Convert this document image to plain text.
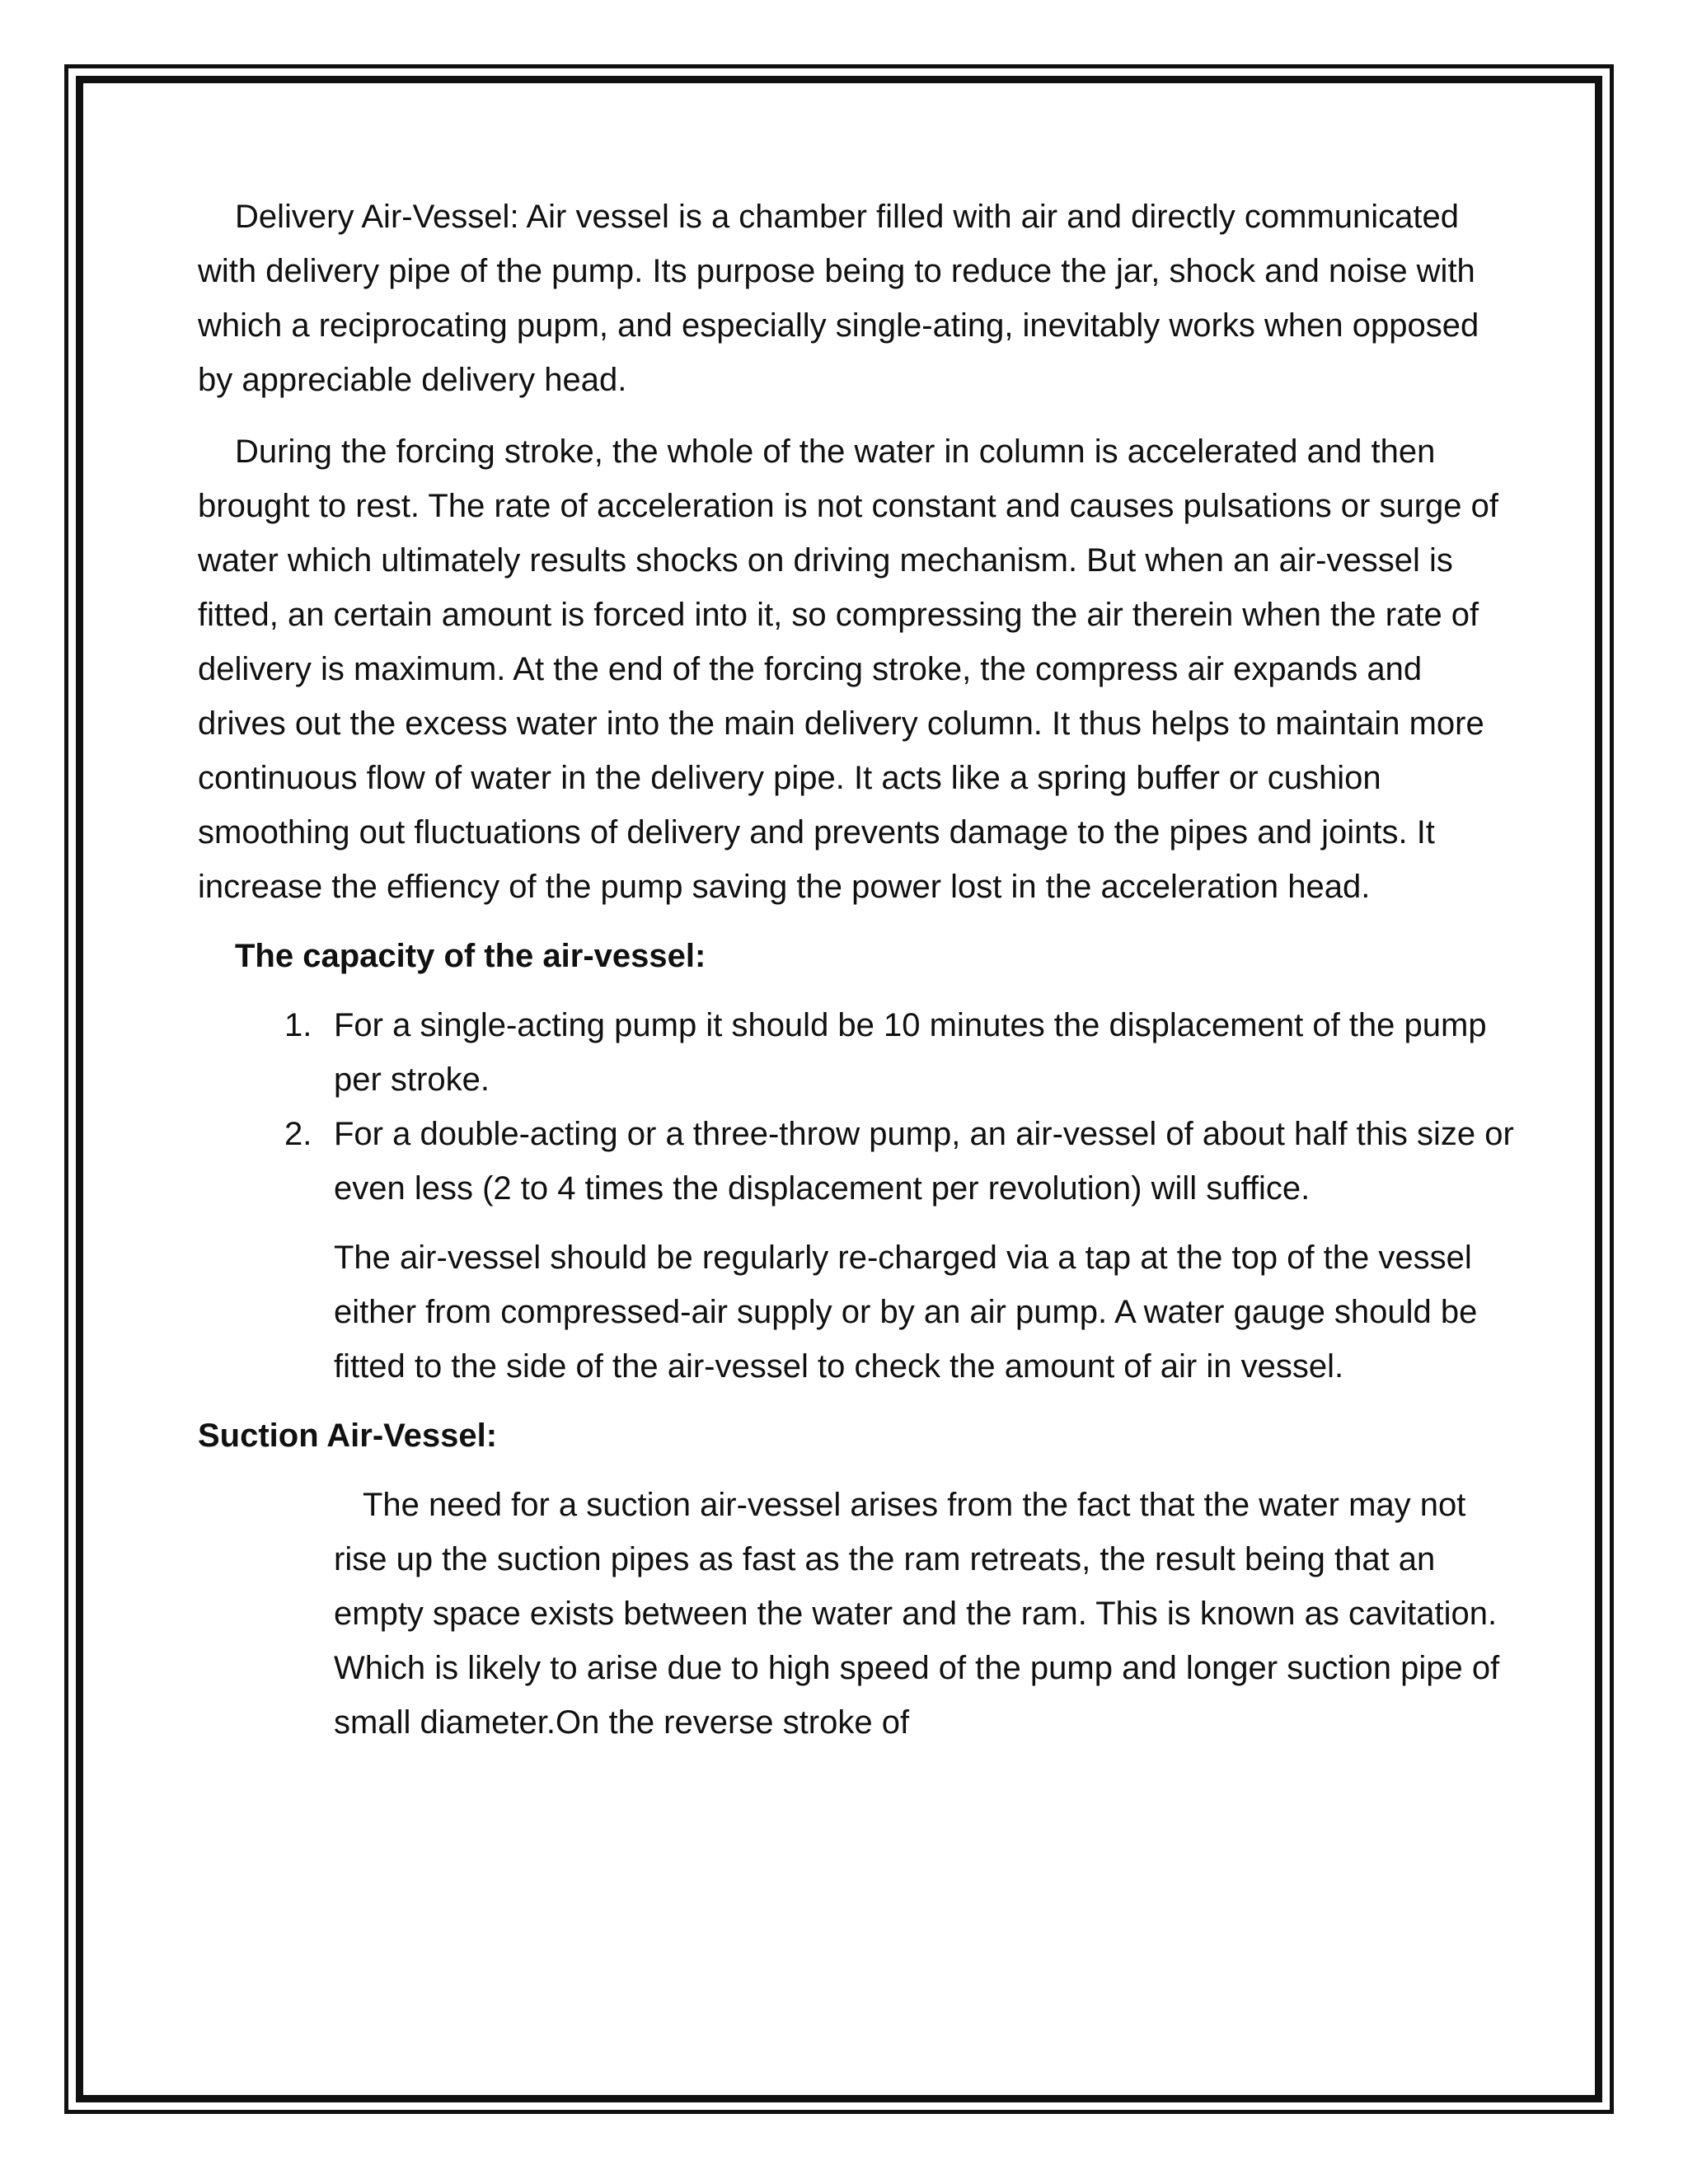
Delivery Air-Vessel: Air vessel is a chamber filled with air and directly communicated with delivery pipe of the pump. Its purpose being to reduce the jar, shock and noise with which a reciprocating pupm, and especially single-ating, inevitably works when opposed by appreciable delivery head.

During the forcing stroke, the whole of the water in column is accelerated and then brought to rest. The rate of acceleration is not constant and causes pulsations or surge of water which ultimately results shocks on driving mechanism. But when an air-vessel is fitted, an certain amount is forced into it, so compressing the air therein when the rate of delivery is maximum. At the end of the forcing stroke, the compress air expands and drives out the excess water into the main delivery column. It thus helps to maintain more continuous flow of water in the delivery pipe. It acts like a spring buffer or cushion smoothing out fluctuations of delivery and prevents damage to the pipes and joints. It increase the effiency of the pump saving the power lost in the acceleration head.

The capacity of the air-vessel:

1. For a single-acting pump it should be 10 minutes the displacement of the pump per stroke.
2. For a double-acting or a three-throw pump, an air-vessel of about half this size or even less (2 to 4 times the displacement per revolution) will suffice.

The air-vessel should be regularly re-charged via a tap at the top of the vessel either from compressed-air supply or by an air pump. A water gauge should be fitted to the side of the air-vessel to check the amount of air in vessel.

Suction Air-Vessel:

The need for a suction air-vessel arises from the fact that the water may not rise up the suction pipes as fast as the ram retreats, the result being that an empty space exists between the water and the ram. This is known as cavitation. Which is likely to arise due to high speed of the pump and longer suction pipe of small diameter.On the reverse stroke of
